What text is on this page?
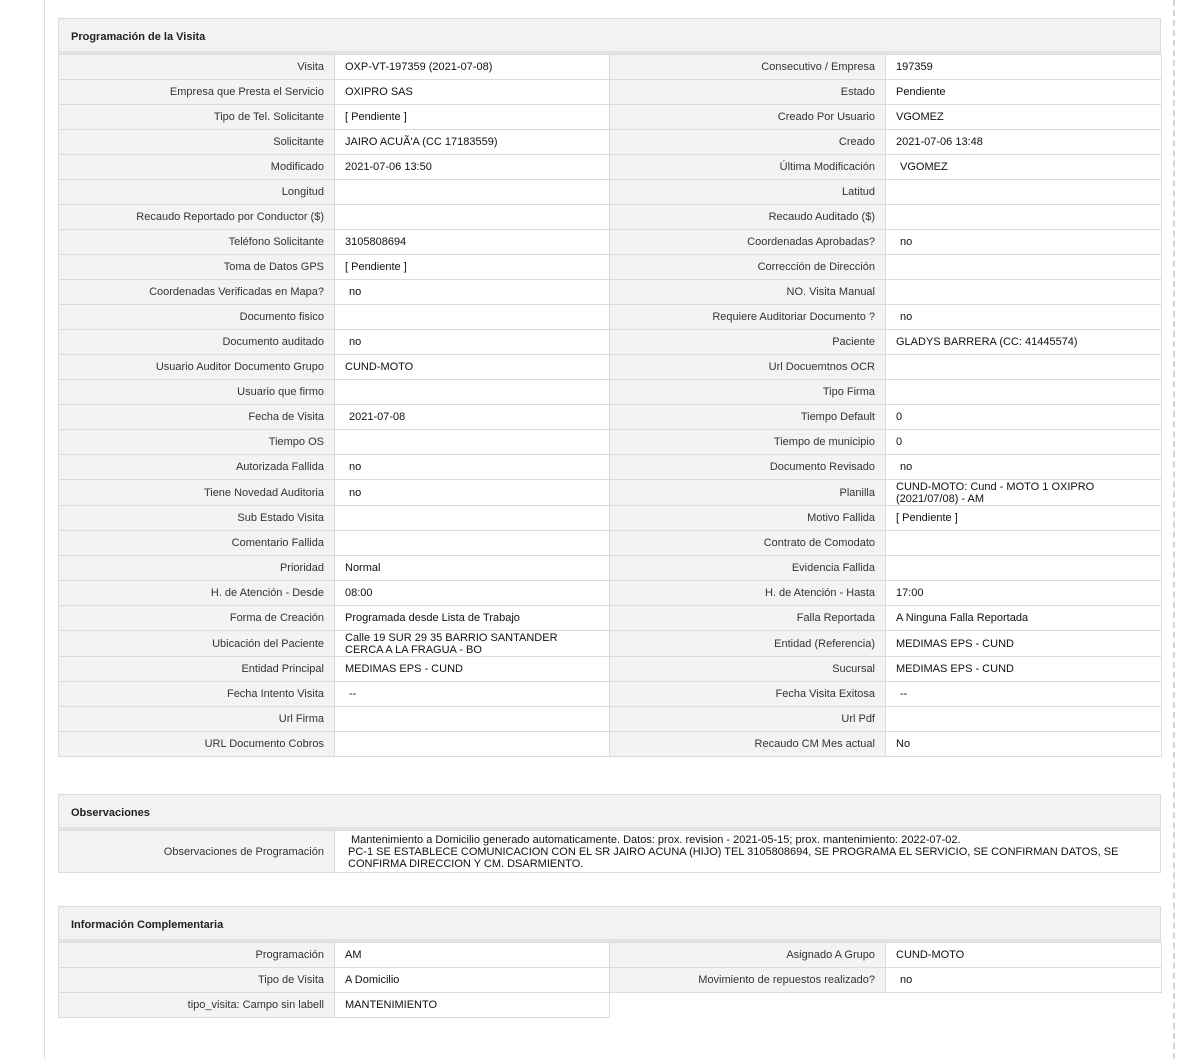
Programación de la Visita
Visita	OXP-VT-197359 (2021-07-08)	Consecutivo / Empresa	197359
Empresa que Presta el Servicio	OXIPRO SAS	Estado	Pendiente
Tipo de Tel. Solicitante	[ Pendiente ]	Creado Por Usuario	VGOMEZ
Solicitante	JAIRO ACUÃ'A (CC 17183559)	Creado	2021-07-06 13:48
Modificado	2021-07-06 13:50	Última Modificación	VGOMEZ
Longitud		Latitud	
Recaudo Reportado por Conductor ($)		Recaudo Auditado ($)	
Teléfono Solicitante	3105808694	Coordenadas Aprobadas?	no
Toma de Datos GPS	[ Pendiente ]	Corrección de Dirección	
Coordenadas Verificadas en Mapa?	no	NO. Visita Manual	
Documento fisico		Requiere Auditoriar Documento ?	no
Documento auditado	no	Paciente	GLADYS BARRERA (CC: 41445574)
Usuario Auditor Documento Grupo	CUND-MOTO	Url Docuemtnos OCR	
Usuario que firmo		Tipo Firma	
Fecha de Visita	2021-07-08	Tiempo Default	0
Tiempo OS		Tiempo de municipio	0
Autorizada Fallida	no	Documento Revisado	no
Tiene Novedad Auditoria	no	Planilla	CUND-MOTO: Cund - MOTO 1 OXIPRO (2021/07/08) - AM
Sub Estado Visita		Motivo Fallida	[ Pendiente ]
Comentario Fallida		Contrato de Comodato	
Prioridad	Normal	Evidencia Fallida	
H. de Atención - Desde	08:00	H. de Atención - Hasta	17:00
Forma de Creación	Programada desde Lista de Trabajo	Falla Reportada	A Ninguna Falla Reportada
Ubicación del Paciente	Calle 19 SUR 29 35 BARRIO SANTANDER CERCA A LA FRAGUA - BO	Entidad (Referencia)	MEDIMAS EPS - CUND
Entidad Principal	MEDIMAS EPS - CUND	Sucursal	MEDIMAS EPS - CUND
Fecha Intento Visita	--	Fecha Visita Exitosa	--
Url Firma		Url Pdf	
URL Documento Cobros		Recaudo CM Mes actual	No
Observaciones
Observaciones de Programación	
Mantenimiento a Domicilio generado automaticamente. Datos: prox. revision - 2021-05-15; prox. mantenimiento: 2022-07-02.
PC-1 SE ESTABLECE COMUNICACION CON EL SR JAIRO ACUNA (HIJO) TEL 3105808694, SE PROGRAMA EL SERVICIO, SE CONFIRMAN DATOS, SE CONFIRMA DIRECCION Y CM. DSARMIENTO.
Información Complementaria
Programación	AM	Asignado A Grupo	CUND-MOTO
Tipo de Visita	A Domicilio	Movimiento de repuestos realizado?	no
tipo_visita: Campo sin labell	MANTENIMIENTO		
